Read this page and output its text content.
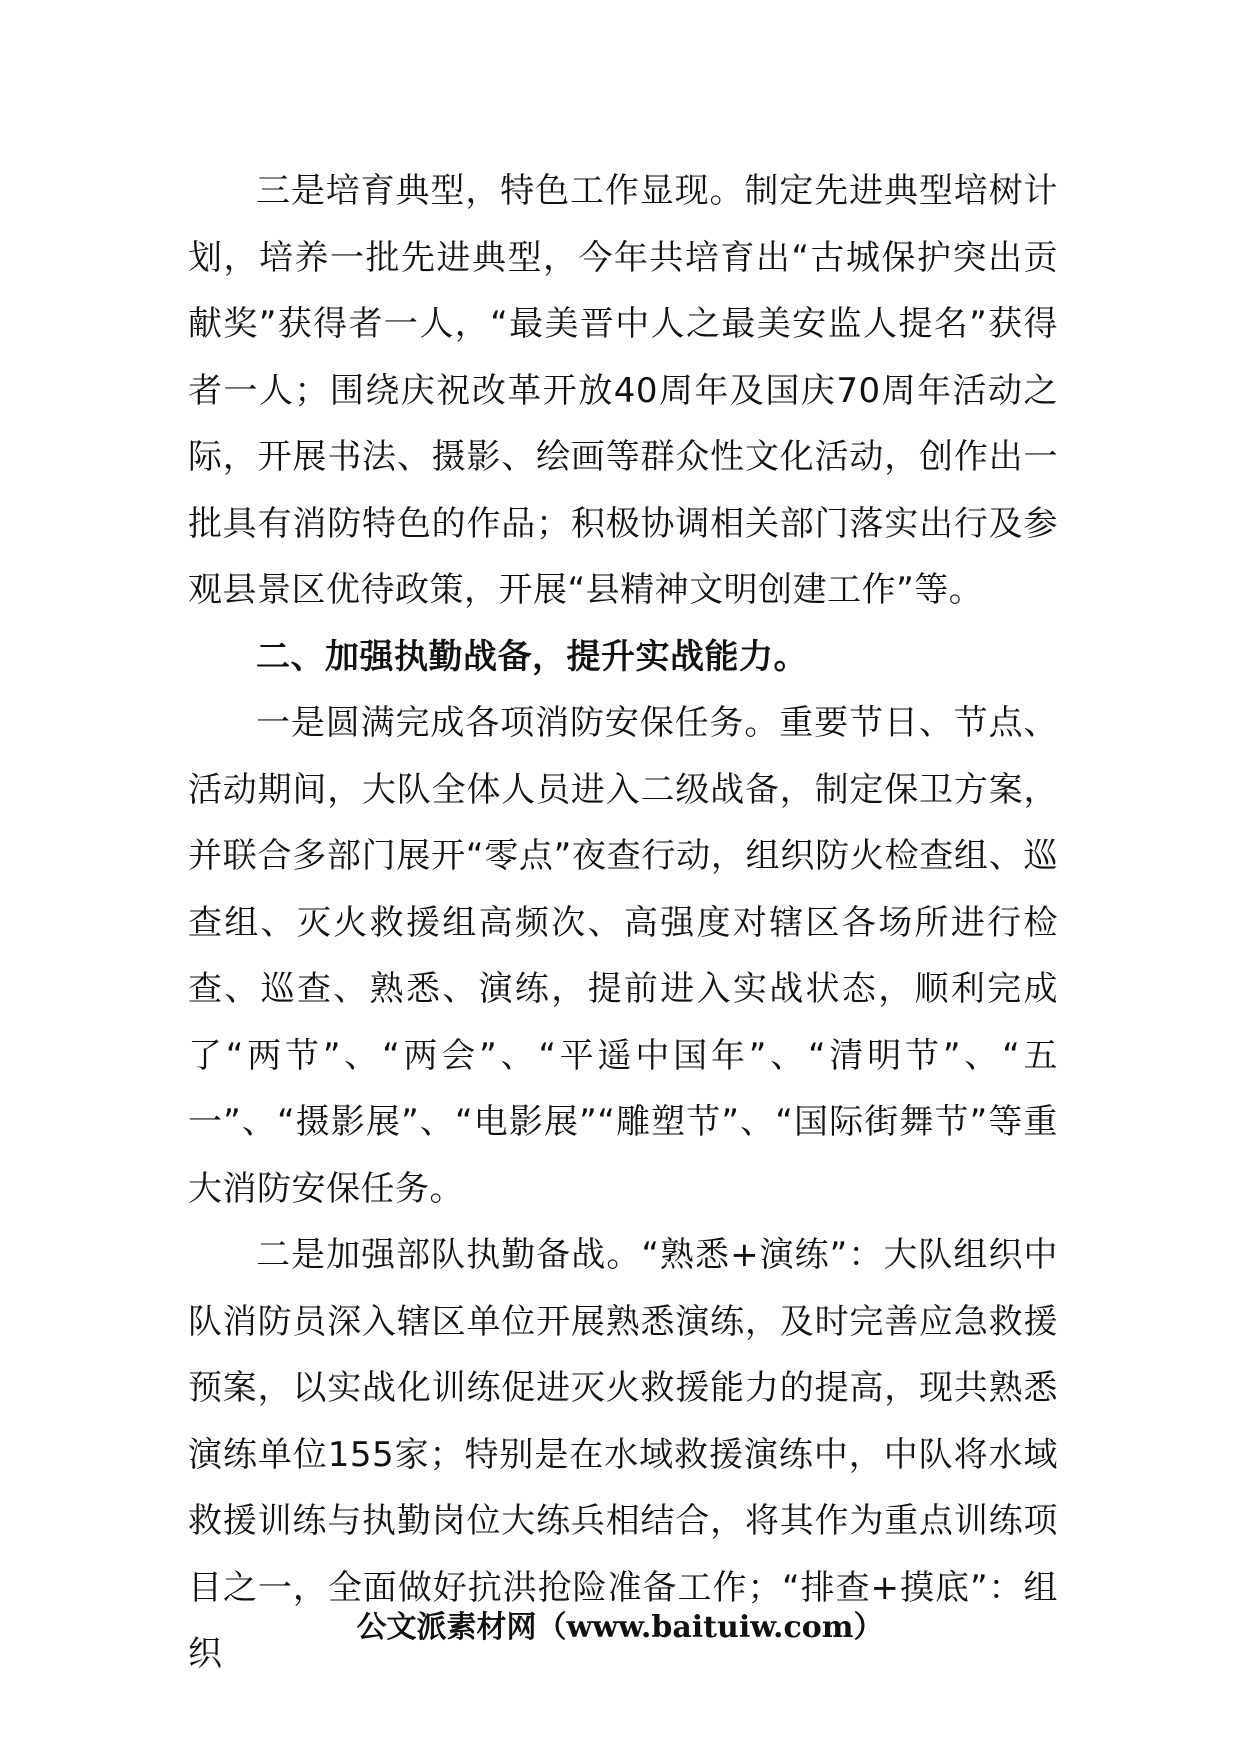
三是培育典型，特色工作显现。制定先进典型培树计划，培养一批先进典型，今年共培育出“古城保护突出贡献奖”获得者一人，“最美晋中人之最美安监人提名”获得者一人；围绕庆祝改革开放40周年及国庆70周年活动之际，开展书法、摄影、绘画等群众性文化活动，创作出一批具有消防特色的作品；积极协调相关部门落实出行及参观县景区优待政策，开展“县精神文明创建工作”等。

二、加强执勤战备，提升实战能力。

一是圆满完成各项消防安保任务。重要节日、节点、活动期间，大队全体人员进入二级战备，制定保卫方案，并联合多部门展开“零点”夜查行动，组织防火检查组、巡查组、灭火救援组高频次、高强度对辖区各场所进行检查、巡查、熟悉、演练，提前进入实战状态，顺利完成了“两节”、“两会”、“平遥中国年”、“清明节”、“五一”、“摄影展”、“电影展”“雕塑节”、“国际街舞节”等重大消防安保任务。

二是加强部队执勤备战。“熟悉+演练”：大队组织中队消防员深入辖区单位开展熟悉演练，及时完善应急救援预案，以实战化训练促进灭火救援能力的提高，现共熟悉演练单位155家；特别是在水域救援演练中，中队将水域救援训练与执勤岗位大练兵相结合，将其作为重点训练项目之一，全面做好抗洪抢险准备工作；“排查+摸底”：组织

公文派素材网（www.baituiw.com）
